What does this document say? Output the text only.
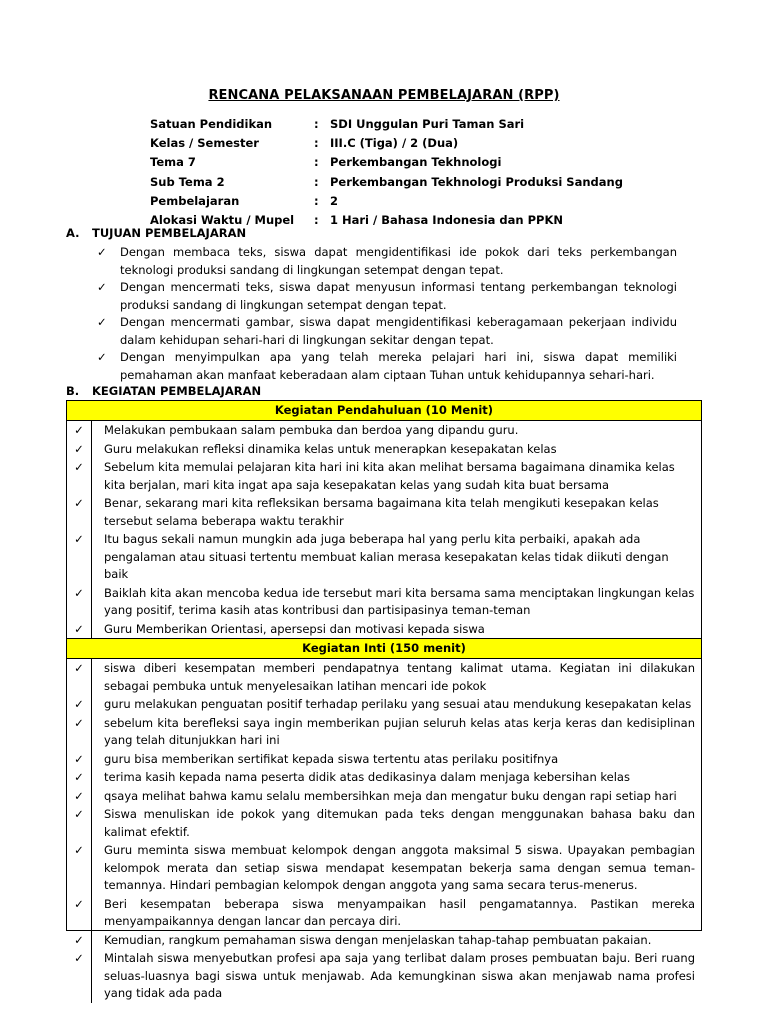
RENCANA PELAKSANAAN PEMBELAJARAN (RPP)
Satuan Pendidikan	: SDI Unggulan Puri Taman Sari
Kelas / Semester	: III.C (Tiga) / 2 (Dua)
Tema 7	: Perkembangan Tekhnologi
Sub Tema 2	: Perkembangan Tekhnologi Produksi Sandang
Pembelajaran	: 2
Alokasi Waktu / Mupel : 1 Hari / Bahasa Indonesia dan PPKN
A. TUJUAN PEMBELAJARAN
✓ Dengan membaca teks, siswa dapat mengidentifikasi ide pokok dari teks perkembangan teknologi produksi sandang di lingkungan setempat dengan tepat.
✓ Dengan mencermati teks, siswa dapat menyusun informasi tentang perkembangan teknologi produksi sandang di lingkungan setempat dengan tepat.
✓ Dengan mencermati gambar, siswa dapat mengidentifikasi keberagamaan pekerjaan individu dalam kehidupan sehari-hari di lingkungan sekitar dengan tepat.
✓ Dengan menyimpulkan apa yang telah mereka pelajari hari ini, siswa dapat memiliki pemahaman akan manfaat keberadaan alam ciptaan Tuhan untuk kehidupannya sehari-hari.
B. KEGIATAN PEMBELAJARAN
Kegiatan Pendahuluan (10 Menit)
✓	Melakukan pembukaan salam pembuka dan berdoa yang dipandu guru.
✓	Guru melakukan refleksi dinamika kelas untuk menerapkan kesepakatan kelas
✓	Sebelum kita memulai pelajaran kita hari ini kita akan melihat bersama bagaimana dinamika kelas kita berjalan, mari kita ingat apa saja kesepakatan kelas yang sudah kita buat bersama
✓	Benar, sekarang mari kita refleksikan bersama bagaimana kita telah mengikuti kesepakan kelas tersebut selama beberapa waktu terakhir
✓	Itu bagus sekali namun mungkin ada juga beberapa hal yang perlu kita perbaiki, apakah ada pengalaman atau situasi tertentu membuat kalian merasa kesepakatan kelas tidak diikuti dengan baik
✓	Baiklah kita akan mencoba kedua ide tersebut mari kita bersama sama menciptakan lingkungan kelas yang positif, terima kasih atas kontribusi dan partisipasinya teman-teman
✓	Guru Memberikan Orientasi, apersepsi dan motivasi kepada siswa
Kegiatan Inti (150 menit)
✓	siswa diberi kesempatan memberi pendapatnya tentang kalimat utama. Kegiatan ini dilakukan sebagai pembuka untuk menyelesaikan latihan mencari ide pokok
✓	guru melakukan penguatan positif terhadap perilaku yang sesuai atau mendukung kesepakatan kelas
✓	sebelum kita berefleksi saya ingin memberikan pujian seluruh kelas atas kerja keras dan kedisiplinan yang telah ditunjukkan hari ini
✓	guru bisa memberikan sertifikat kepada siswa tertentu atas perilaku positifnya
✓	terima kasih kepada nama peserta didik atas dedikasinya dalam menjaga kebersihan kelas
✓	qsaya melihat bahwa kamu selalu membersihkan meja dan mengatur buku dengan rapi setiap hari
✓	Siswa menuliskan ide pokok yang ditemukan pada teks dengan menggunakan bahasa baku dan kalimat efektif.
✓	Guru meminta siswa membuat kelompok dengan anggota maksimal 5 siswa. Upayakan pembagian kelompok merata dan setiap siswa mendapat kesempatan bekerja sama dengan semua teman-temannya. Hindari pembagian kelompok dengan anggota yang sama secara terus-menerus.
✓	Beri kesempatan beberapa siswa menyampaikan hasil pengamatannya. Pastikan mereka menyampaikannya dengan lancar dan percaya diri.
✓	Kemudian, rangkum pemahaman siswa dengan menjelaskan tahap-tahap pembuatan pakaian.
✓	Mintalah siswa menyebutkan profesi apa saja yang terlibat dalam proses pembuatan baju. Beri ruang seluas-luasnya bagi siswa untuk menjawab. Ada kemungkinan siswa akan menjawab nama profesi yang tidak ada pada
